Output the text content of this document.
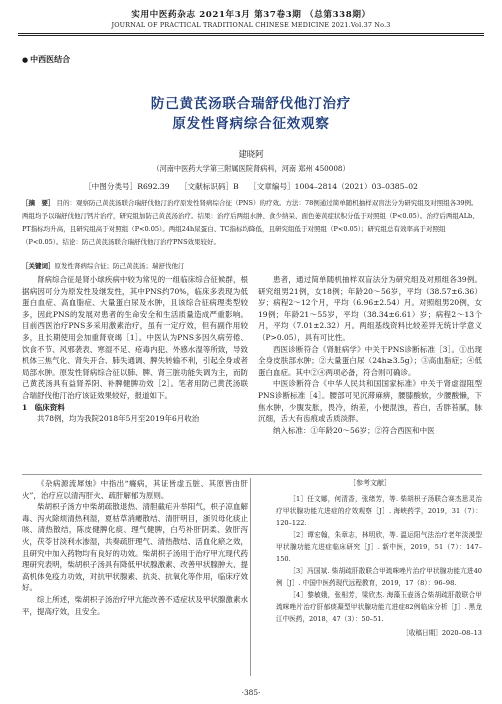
实用中医药杂志 2021年3月 第37卷3期 （总第338期）
JOURNAL OF PRACTICAL TRADITIONAL CHINESE MEDICINE 2021.Vol.37 No.3
● 中西医结合
防己黄芪汤联合瑞舒伐他汀治疗
原发性肾病综合征效观察
建晓阿
（河南中医药大学第三附属医院肾病科，河南 郑州 450008）
［中图分类号］R692.39 ［文献标识码］B ［文章编号］1004–2814（2021）03–0385–02
［摘　要］ 目的：观察防己黄芪汤联合瑞舒伐他汀治疗原发性肾病综合征（PNS）的疗效。方法：78例通过简单随机抽样双盲法分为研究组及对照组各39例。两组均予以瑞舒伐他汀钙片治疗，研究组加防己黄芪汤治疗。结果：治疗后两组水肿、食少纳呆、面色萎黄症状积分低于对照组（P<0.05）。治疗后两组ALb、PT指标均升高，且研究组高于对照组（P<0.05）。两组24h尿蛋白、TC指标均降低，且研究组低于对照组（P<0.05）；研究组总有效率高于对照组（P<0.05）。结论：防己黄芪汤联合瑞舒伐他汀治疗PNS效果较好。
［关键词］原发性肾病综合征；防己黄芪汤；瑞舒伐他汀

肾病综合征是肾小球疾病中较为常见的一组临床综合征候群，根据病因可分为原发性及继发性，其中PNS约70%，临床多表现为低蛋白血症、高血脂症、大量蛋白尿及水肿，且该综合征病理类型较多，因此PNS的发展对患者的生命安全和生活质量造成严重影响。目前西医治疗PNS多采用激素治疗，虽有一定疗效，但有副作用较多，且长期使用会加重肾衰竭［1］。中医认为PNS多因久病劳倦、饮食不节、风邪袭表、寒湿不足、疮毒内犯、外感水湿等所致，导致机体三焦气化、肾失开合、肺失通调、脾失转输不利，引起全身或者局部水肿。原发性肾病综合征以肺、脾、肾三脏功能失调为主，而防己黄芪汤具有益肾养阴、补脾健脾功效［2］。笔者用防己黄芪汤联合瑞舒伐他汀治疗该证效果较好，报道如下。

1　临床资料

共78例，均为我院2018年5月至2019年6月收治

患者，通过简单随机抽样双盲法分为研究组及对照组各39例。研究组男21例，女18例；年龄20～56岁，平均（38.57±6.36）岁；病程2～12个月，平均（6.96±2.54）月。对照组男20例，女19例；年龄21～55岁，平均（38.34±6.61）岁；病程2～13个月，平均（7.01±2.32）月。两组基线资料比较差异无统计学意义（P>0.05），具有可比性。

西医诊断符合《肾脏病学》中关于PNS诊断标准［3］。①出现全身皮肤部水肿；②大量蛋白尿（24h≥3.5g）；③高血脂症；④低蛋白血症。其中②④两项必备，符合则可确诊。

中医诊断符合《中华人民共和国国家标准》中关于肾虚湿阻型PNS诊断标准［4］。腰部可见沉滞麻痹，腰膝酸软，少腰酸懒，下焦水肿，少腹发胀，畏冷，纳差，小便混浊，苔白，舌胖苔腻，脉沉细，舌大有齿痕或舌质淡胖。

纳入标准：①年龄20～56岁；②符合西医和中医

《杂病源流犀烛》中指出“癃病，其证皆虚五脏、其原皆由肝火”，治疗应以清泻肝火、疏肝解郁为原则。

柴胡枳子汤方中柴胡疏散退热、清胆截疟升举阳气，枳子凉血解毒、泻火除烦清热利湿，夏枯草消瘿散结、清肝明目，浙贝母化痰止咳、清热散结，陈皮健脾化痰、理气健脾，白芍补肝阴柔、敛肝泻火，茯苓甘淡利水渗湿，共奏疏肝理气、清热散结、活血化瘀之效，且研究中加入药物均有良好的功效。柴胡枳子汤用于治疗甲亢现代药理研究表明，柴胡枳子汤具有降低甲状腺激素、改善甲状腺肿大、提高机体免疫力功效，对抗甲状腺素、抗炎、抗氧化等作用，临床疗效好。

综上所述，柴胡枳子汤治疗甲亢能改善不适症状及甲状腺激素水平，提高疗效，且安全。

［参考文献］

［1］任文娜，何清香，张绪芳，等. 柴胡枳子汤联合赛杰思灵治疗甲状腺功能亢进症的疗效观察［J］. 海峡药学，2019，31（7）：120–122.

［2］谭宏翰，朱章志，林明欣，等. 温运阳气法治疗老年淡漠型甲状腺功能亢进症临床研究［J］. 新中医，2019，51（7）：147–150.

［3］冯国斌. 柴胡疏肝散联合甲巯咪唑片治疗甲状腺功能亢进40例［J］. 中国中医药现代远程教育，2019，17（8）：96–98.

［4］黎敏娥，张相芳，梁欣杰. 海藻玉壶汤合柴胡疏肝散联合甲巯咪唑片治疗肝郁痰凝型甲状腺功能亢进症82例临床分析［J］. 黑龙江中医药，2018，47（3）：50–51.

［收稿日期］2020–08–13
·385·
